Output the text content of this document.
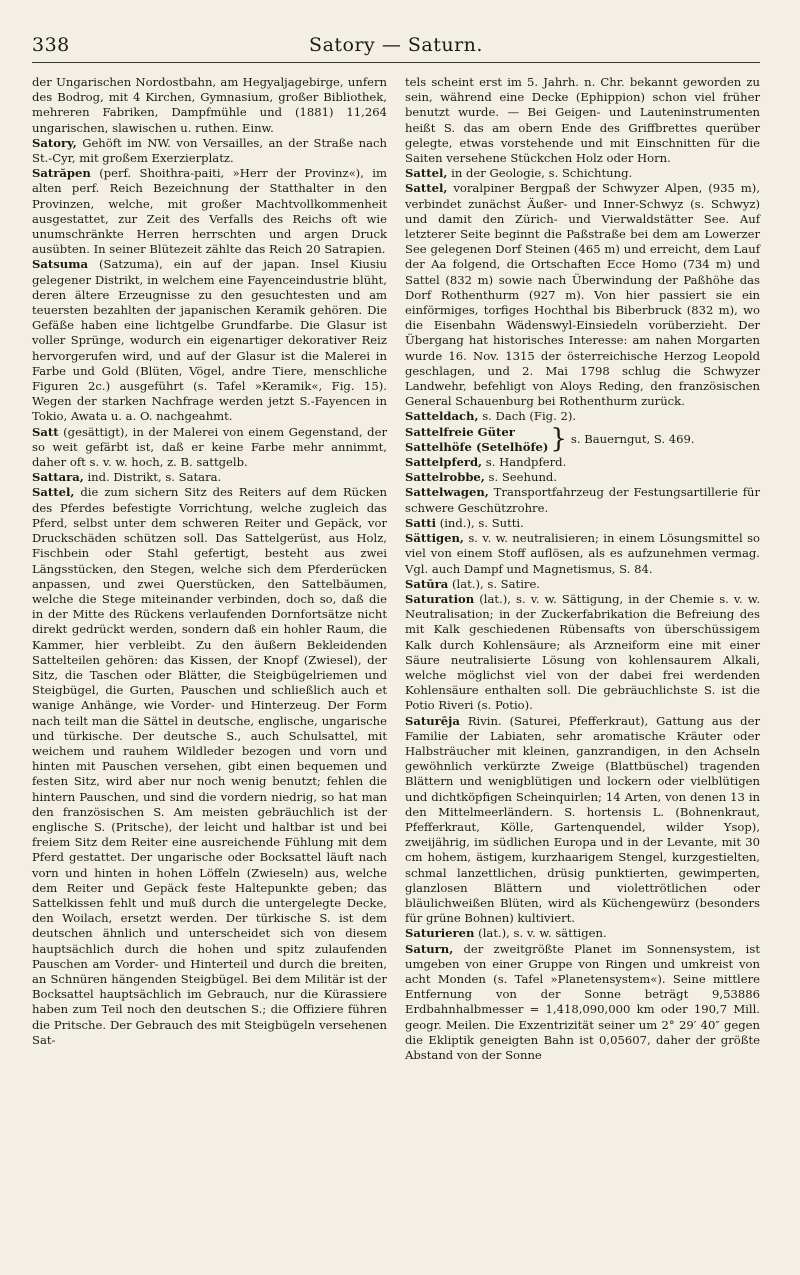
338	Satory — Saturn.

der Ungarischen Nordostbahn, am Hegyaljagebirge, unfern des Bodrog, mit 4 Kirchen, Gymnasium, großer Bibliothek, mehreren Fabriken, Dampfmühle und (1881) 11,264 ungarischen, slawischen u. ruthen. Einw.

Satory, Gehöft im NW. von Versailles, an der Straße nach St.-Cyr, mit großem Exerzierplatz.

Satrăpen (perf. Shoithra-paiti, »Herr der Provinz«), im alten perf. Reich Bezeichnung der Statthalter in den Provinzen, welche, mit großer Machtvollkommenheit ausgestattet, zur Zeit des Verfalls des Reichs oft wie unumschränkte Herren herrschten und argen Druck ausübten. In seiner Blütezeit zählte das Reich 20 Satrapien.

Satsuma (Satzuma), ein auf der japan. Insel Kiusiu gelegener Distrikt, in welchem eine Fayenceindustrie blüht, deren ältere Erzeugnisse zu den gesuchtesten und am teuersten bezahlten der japanischen Keramik gehören. Die Gefäße haben eine lichtgelbe Grundfarbe. Die Glasur ist voller Sprünge, wodurch ein eigenartiger dekorativer Reiz hervorgerufen wird, und auf der Glasur ist die Malerei in Farbe und Gold (Blüten, Vögel, andre Tiere, menschliche Figuren 2c.) ausgeführt (s. Tafel »Keramik«, Fig. 15). Wegen der starken Nachfrage werden jetzt S.-Fayencen in Tokio, Awata u. a. O. nachgeahmt.

Satt (gesättigt), in der Malerei von einem Gegenstand, der so weit gefärbt ist, daß er keine Farbe mehr annimmt, daher oft s. v. w. hoch, z. B. sattgelb.

Sattara, ind. Distrikt, s. Satara.

Sattel, die zum sichern Sitz des Reiters auf dem Rücken des Pferdes befestigte Vorrichtung, welche zugleich das Pferd, selbst unter dem schweren Reiter und Gepäck, vor Druckschäden schützen soll. Das Sattelgerüst, aus Holz, Fischbein oder Stahl gefertigt, besteht aus zwei Längsstücken, den Stegen, welche sich dem Pferderücken anpassen, und zwei Querstücken, den Sattelbäumen, welche die Stege miteinander verbinden, doch so, daß die in der Mitte des Rückens verlaufenden Dornfortsätze nicht direkt gedrückt werden, sondern daß ein hohler Raum, die Kammer, hier verbleibt. Zu den äußern Bekleidenden Sattelteilen gehören: das Kissen, der Knopf (Zwiesel), der Sitz, die Taschen oder Blätter, die Steigbügelriemen und Steigbügel, die Gurten, Pauschen und schließlich auch et wanige Anhänge, wie Vorder- und Hinterzeug. Der Form nach teilt man die Sättel in deutsche, englische, ungarische und türkische. Der deutsche S., auch Schulsattel, mit weichem und rauhem Wildleder bezogen und vorn und hinten mit Pauschen versehen, gibt einen bequemen und festen Sitz, wird aber nur noch wenig benutzt; fehlen die hintern Pauschen, und sind die vordern niedrig, so hat man den französischen S. Am meisten gebräuchlich ist der englische S. (Pritsche), der leicht und haltbar ist und bei freiem Sitz dem Reiter eine ausreichende Fühlung mit dem Pferd gestattet. Der ungarische oder Bocksattel läuft nach vorn und hinten in hohen Löffeln (Zwieseln) aus, welche dem Reiter und Gepäck feste Haltepunkte geben; das Sattelkissen fehlt und muß durch die untergelegte Decke, den Woilach, ersetzt werden. Der türkische S. ist dem deutschen ähnlich und unterscheidet sich von diesem hauptsächlich durch die hohen und spitz zulaufenden Pauschen am Vorder- und Hinterteil und durch die breiten, an Schnüren hängenden Steigbügel. Bei dem Militär ist der Bocksattel hauptsächlich im Gebrauch, nur die Kürassiere haben zum Teil noch den deutschen S.; die Offiziere führen die Pritsche. Der Gebrauch des mit Steigbügeln versehenen Sat-

tels scheint erst im 5. Jahrh. n. Chr. bekannt geworden zu sein, während eine Decke (Ephippion) schon viel früher benutzt wurde. — Bei Geigen- und Lauteninstrumenten heißt S. das am obern Ende des Griffbrettes querüber gelegte, etwas vorstehende und mit Einschnitten für die Saiten versehene Stückchen Holz oder Horn.

Sattel, in der Geologie, s. Schichtung.

Sattel, voralpiner Bergpaß der Schwyzer Alpen, (935 m), verbindet zunächst Äußer- und Inner-Schwyz (s. Schwyz) und damit den Zürich- und Vierwaldstätter See. Auf letzterer Seite beginnt die Paßstraße bei dem am Lowerzer See gelegenen Dorf Steinen (465 m) und erreicht, dem Lauf der Aa folgend, die Ortschaften Ecce Homo (734 m) und Sattel (832 m) sowie nach Überwindung der Paßhöhe das Dorf Rothenthurm (927 m). Von hier passiert sie ein einförmiges, torfiges Hochthal bis Biberbruck (832 m), wo die Eisenbahn Wädenswyl-Einsiedeln vorüberzieht. Der Übergang hat historisches Interesse: am nahen Morgarten wurde 16. Nov. 1315 der österreichische Herzog Leopold geschlagen, und 2. Mai 1798 schlug die Schwyzer Landwehr, befehligt von Aloys Reding, den französischen General Schauenburg bei Rothenthurm zurück.

Satteldach, s. Dach (Fig. 2).

Sattelfreie Güter
Sattelhöfe (Setelhöfe) } s. Bauerngut, S. 469.

Sattelpferd, s. Handpferd.

Sattelrobbe, s. Seehund.

Sattelwagen, Transportfahrzeug der Festungsartillerie für schwere Geschützrohre.

Satti (ind.), s. Sutti.

Sättigen, s. v. w. neutralisieren; in einem Lösungsmittel so viel von einem Stoff auflösen, als es aufzunehmen vermag. Vgl. auch Dampf und Magnetismus, S. 84.

Satūra (lat.), s. Satire.

Saturation (lat.), s. v. w. Sättigung, in der Chemie s. v. w. Neutralisation; in der Zuckerfabrikation die Befreiung des mit Kalk geschiedenen Rübensafts von überschüssigem Kalk durch Kohlensäure; als Arzneiform eine mit einer Säure neutralisierte Lösung von kohlensaurem Alkali, welche möglichst viel von der dabei frei werdenden Kohlensäure enthalten soll. Die gebräuchlichste S. ist die Potio Riveri (s. Potio).

Saturēja Rivin. (Saturei, Pfefferkraut), Gattung aus der Familie der Labiaten, sehr aromatische Kräuter oder Halbsträucher mit kleinen, ganzrandigen, in den Achseln gewöhnlich verkürzte Zweige (Blattbüschel) tragenden Blättern und wenigblütigen und lockern oder vielblütigen und dichtköpfigen Scheinquirlen; 14 Arten, von denen 13 in den Mittelmeerländern. S. hortensis L. (Bohnenkraut, Pfefferkraut, Kölle, Gartenquendel, wilder Ysop), zweijährig, im südlichen Europa und in der Levante, mit 30 cm hohem, ästigem, kurzhaarigem Stengel, kurzgestielten, schmal lanzettlichen, drüsig punktierten, gewimperten, glanzlosen Blättern und violettrötlichen oder bläulichweißen Blüten, wird als Küchengewürz (besonders für grüne Bohnen) kultiviert.

Saturieren (lat.), s. v. w. sättigen.

Saturn, der zweitgrößte Planet im Sonnensystem, ist umgeben von einer Gruppe von Ringen und umkreist von acht Monden (s. Tafel »Planetensystem«). Seine mittlere Entfernung von der Sonne beträgt 9,53886 Erdbahnhalbmesser = 1,418,090,000 km oder 190,7 Mill. geogr. Meilen. Die Exzentrizität seiner um 2° 29′ 40″ gegen die Ekliptik geneigten Bahn ist 0,05607, daher der größte Abstand von der Sonne
